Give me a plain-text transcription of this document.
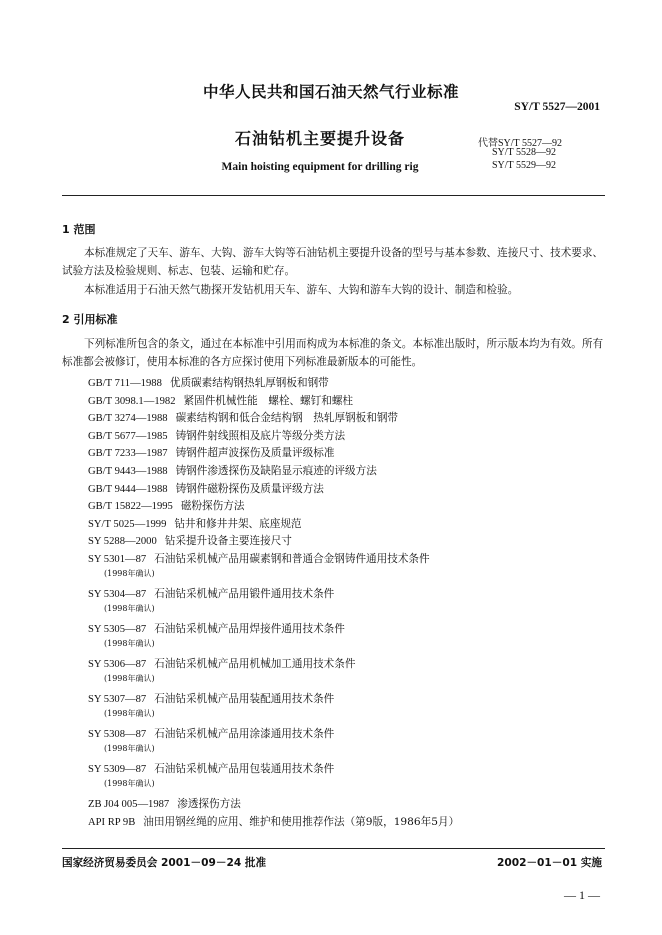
中华人民共和国石油天然气行业标准
SY/T 5527—2001
石油钻机主要提升设备	代替SY/T 5527—92
SY/T 5528—92
SY/T 5529—92
Main hoisting equipment for drilling rig
1 范围
本标准规定了天车、游车、大钩、游车大钩等石油钻机主要提升设备的型号与基本参数、连接尺寸、技术要求、试验方法及检验规则、标志、包装、运输和贮存。
本标准适用于石油天然气勘探开发钻机用天车、游车、大钩和游车大钩的设计、制造和检验。
2 引用标准
下列标准所包含的条文，通过在本标准中引用而构成为本标准的条文。本标准出版时，所示版本均为有效。所有标准都会被修订，使用本标准的各方应探讨使用下列标准最新版本的可能性。
GB/T 711—1988 优质碳素结构钢热轧厚钢板和钢带
GB/T 3098.1—1982 紧固件机械性能　螺栓、螺钉和螺柱
GB/T 3274—1988 碳素结构钢和低合金结构钢　热轧厚钢板和钢带
GB/T 5677—1985 铸钢件射线照相及底片等级分类方法
GB/T 7233—1987 铸钢件超声波探伤及质量评级标准
GB/T 9443—1988 铸钢件渗透探伤及缺陷显示痕迹的评级方法
GB/T 9444—1988 铸钢件磁粉探伤及质量评级方法
GB/T 15822—1995 磁粉探伤方法
SY/T 5025—1999 钻井和修井井架、底座规范
SY 5288—2000 钻采提升设备主要连接尺寸
SY 5301—87 石油钻采机械产品用碳素钢和普通合金钢铸件通用技术条件
(1998年确认)
SY 5304—87 石油钻采机械产品用锻件通用技术条件
(1998年确认)
SY 5305—87 石油钻采机械产品用焊接件通用技术条件
(1998年确认)
SY 5306—87 石油钻采机械产品用机械加工通用技术条件
(1998年确认)
SY 5307—87 石油钻采机械产品用装配通用技术条件
(1998年确认)
SY 5308—87 石油钻采机械产品用涂漆通用技术条件
(1998年确认)
SY 5309—87 石油钻采机械产品用包装通用技术条件
(1998年确认)
ZB J04 005—1987 渗透探伤方法
API RP 9B 油田用钢丝绳的应用、维护和使用推荐作法（第9版，1986年5月）
国家经济贸易委员会 2001－09－24 批准	2002－01－01 实施
— 1 —
